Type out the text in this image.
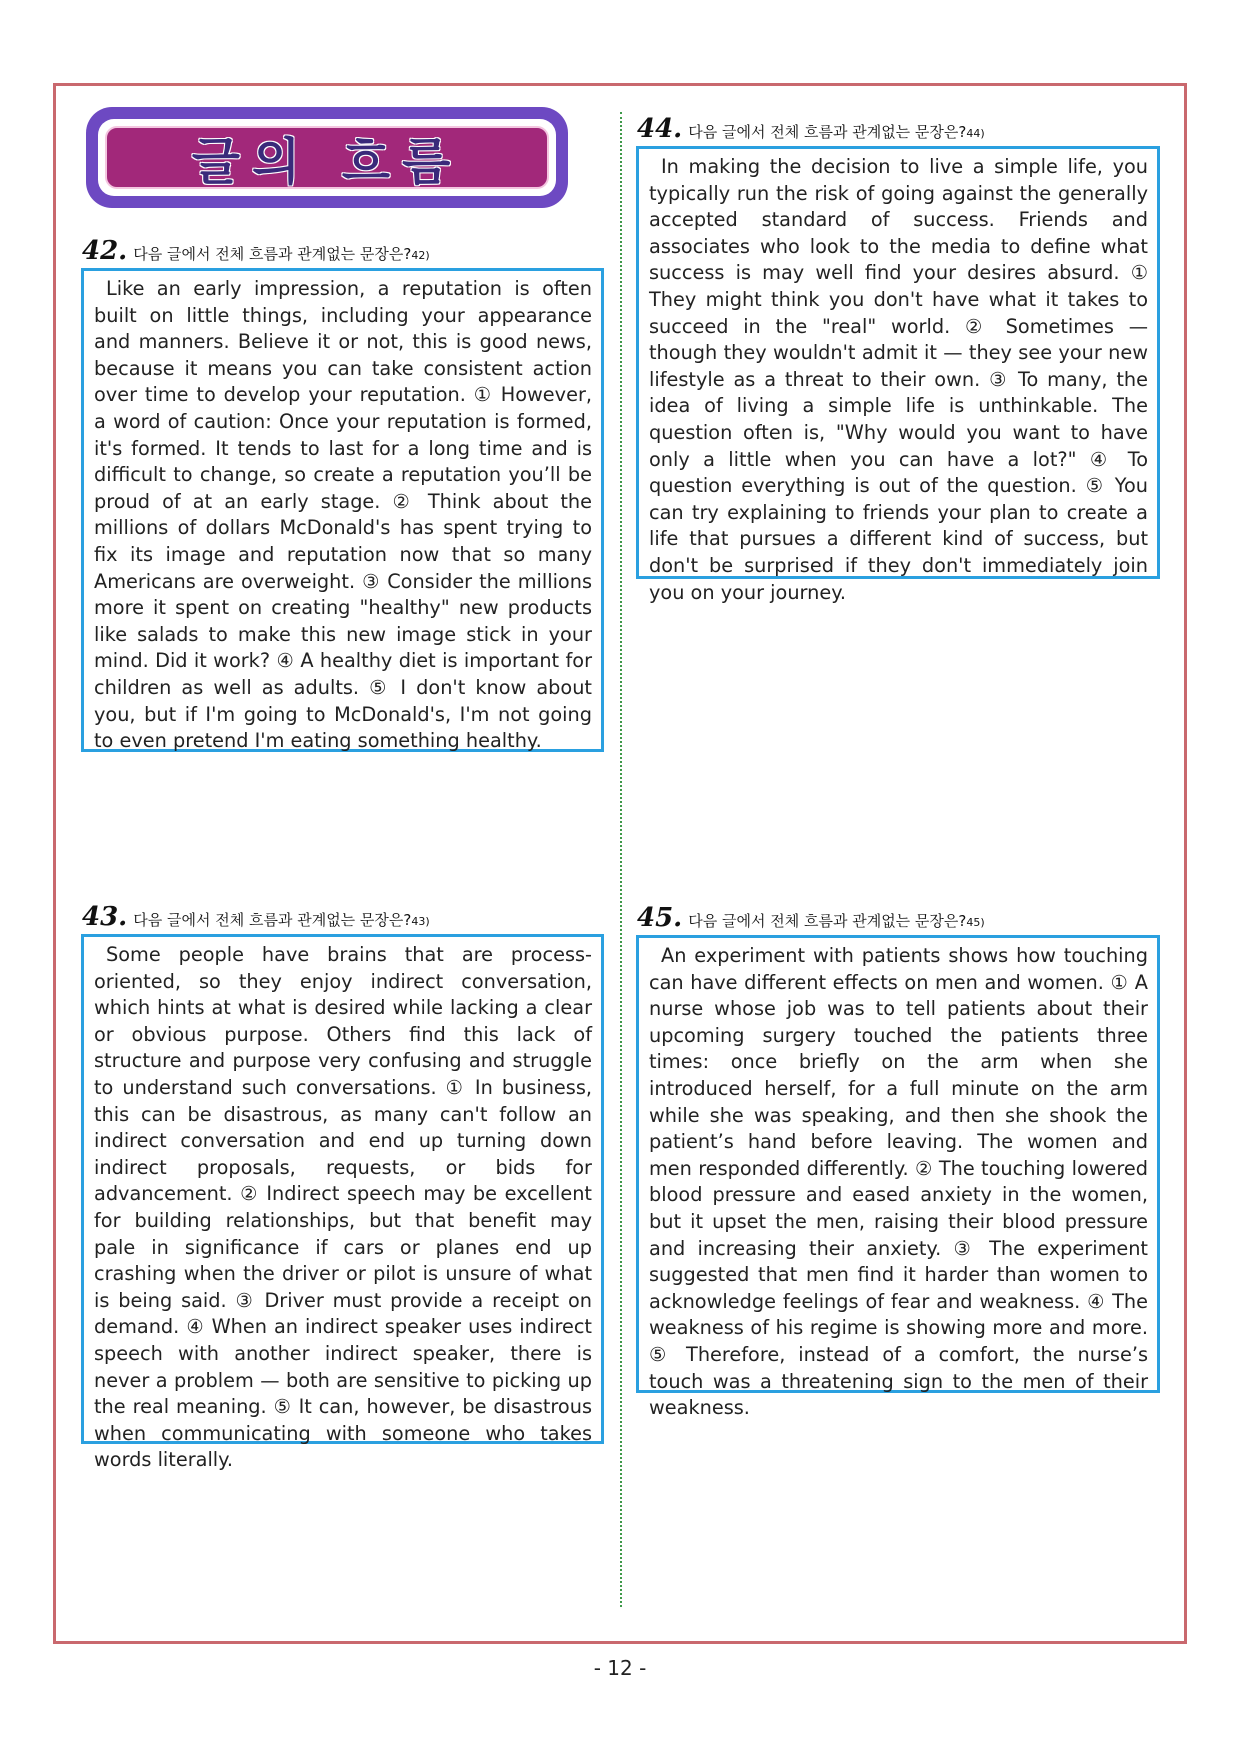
글의 흐름
42. 다음 글에서 전체 흐름과 관계없는 문장은? 42)
Like an early impression, a reputation is often built on little things, including your appearance and manners. Believe it or not, this is good news, because it means you can take consistent action over time to develop your reputation. ① However, a word of caution: Once your reputation is formed, it's formed. It tends to last for a long time and is difficult to change, so create a reputation you’ll be proud of at an early stage. ② Think about the millions of dollars McDonald's has spent trying to fix its image and reputation now that so many Americans are overweight. ③ Consider the millions more it spent on creating "healthy" new products like salads to make this new image stick in your mind. Did it work? ④ A healthy diet is important for children as well as adults. ⑤ I don't know about you, but if I'm going to McDonald's, I'm not going to even pretend I'm eating something healthy.
43. 다음 글에서 전체 흐름과 관계없는 문장은? 43)
Some people have brains that are process-oriented, so they enjoy indirect conversation, which hints at what is desired while lacking a clear or obvious purpose. Others find this lack of structure and purpose very confusing and struggle to understand such conversations. ① In business, this can be disastrous, as many can't follow an indirect conversation and end up turning down indirect proposals, requests, or bids for advancement. ② Indirect speech may be excellent for building relationships, but that benefit may pale in significance if cars or planes end up crashing when the driver or pilot is unsure of what is being said. ③ Driver must provide a receipt on demand. ④ When an indirect speaker uses indirect speech with another indirect speaker, there is never a problem — both are sensitive to picking up the real meaning. ⑤ It can, however, be disastrous when communicating with someone who takes words literally.
44. 다음 글에서 전체 흐름과 관계없는 문장은? 44)
In making the decision to live a simple life, you typically run the risk of going against the generally accepted standard of success. Friends and associates who look to the media to define what success is may well find your desires absurd. ① They might think you don't have what it takes to succeed in the "real" world. ② Sometimes — though they wouldn't admit it — they see your new lifestyle as a threat to their own. ③ To many, the idea of living a simple life is unthinkable. The question often is, "Why would you want to have only a little when you can have a lot?" ④ To question everything is out of the question. ⑤ You can try explaining to friends your plan to create a life that pursues a different kind of success, but don't be surprised if they don't immediately join you on your journey.
45. 다음 글에서 전체 흐름과 관계없는 문장은? 45)
An experiment with patients shows how touching can have different effects on men and women. ① A nurse whose job was to tell patients about their upcoming surgery touched the patients three times: once briefly on the arm when she introduced herself, for a full minute on the arm while she was speaking, and then she shook the patient’s hand before leaving. The women and men responded differently. ② The touching lowered blood pressure and eased anxiety in the women, but it upset the men, raising their blood pressure and increasing their anxiety. ③ The experiment suggested that men find it harder than women to acknowledge feelings of fear and weakness. ④ The weakness of his regime is showing more and more. ⑤ Therefore, instead of a comfort, the nurse’s touch was a threatening sign to the men of their weakness.
- 12 -
